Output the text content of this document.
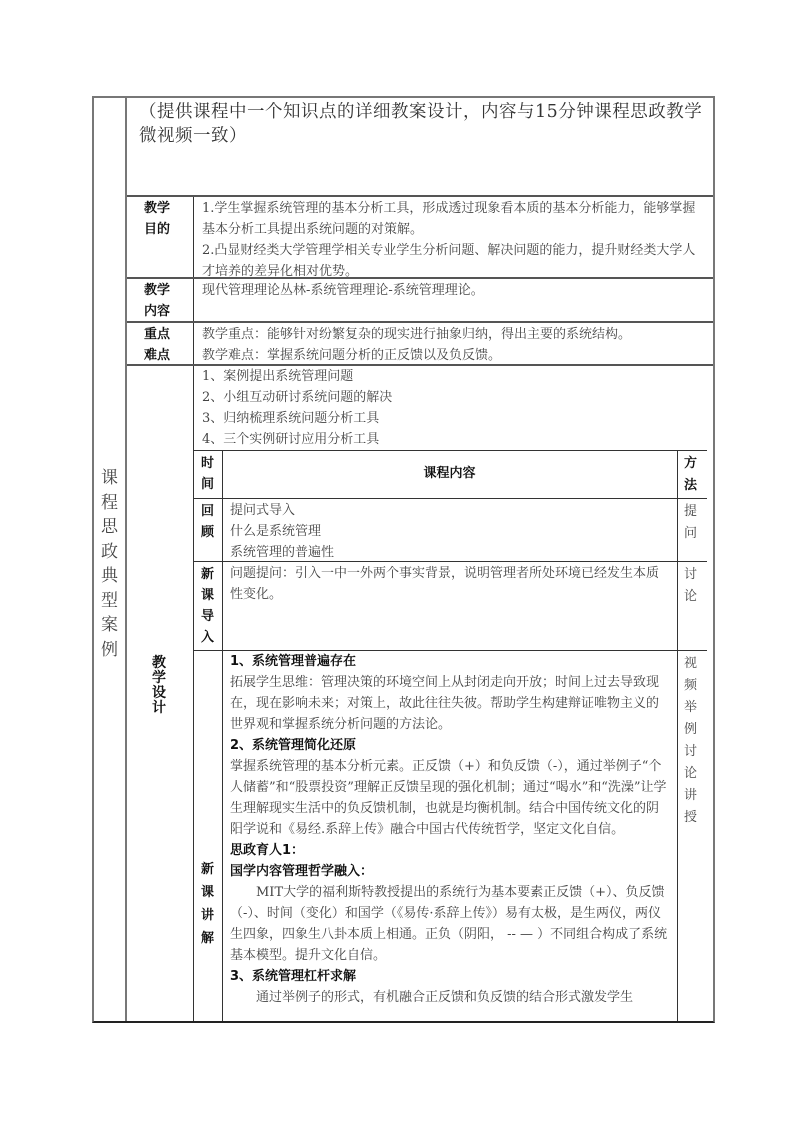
课
程
思
政
典
型
案
例
（提供课程中一个知识点的详细教案设计，内容与15分钟课程思政教学微视频一致）
教学
目的
1.学生掌握系统管理的基本分析工具，形成透过现象看本质的基本分析能力，能够掌握基本分析工具提出系统问题的对策解。
2.凸显财经类大学管理学相关专业学生分析问题、解决问题的能力，提升财经类大学人才培养的差异化相对优势。
教学
内容
现代管理理论丛林-系统管理理论-系统管理理论。
重点
难点
教学重点：能够针对纷繁复杂的现实进行抽象归纳，得出主要的系统结构。
教学难点：掌握系统问题分析的正反馈以及负反馈。
教
学
设
计
1、案例提出系统管理问题
2、小组互动研讨系统问题的解决
3、归纳梳理系统问题分析工具
4、三个实例研讨应用分析工具
时
间
课程内容
方
法
回
顾
提问式导入
什么是系统管理
系统管理的普遍性
提
问
新
课
导
入
问题提问：引入一中一外两个事实背景，说明管理者所处环境已经发生本质性变化。
讨
论
新
课
讲
解
1、系统管理普遍存在
拓展学生思维：管理决策的环境空间上从封闭走向开放；时间上过去导致现在，现在影响未来；对策上，故此往往失彼。帮助学生构建辩证唯物主义的世界观和掌握系统分析问题的方法论。
2、系统管理简化还原
掌握系统管理的基本分析元素。正反馈（+）和负反馈（-），通过举例子“个人储蓄”和“股票投资”理解正反馈呈现的强化机制；通过“喝水”和“洗澡”让学生理解现实生活中的负反馈机制，也就是均衡机制。结合中国传统文化的阴阳学说和《易经.系辞上传》融合中国古代传统哲学，坚定文化自信。
思政育人1：
国学内容管理哲学融入：
MIT大学的福利斯特教授提出的系统行为基本要素正反馈（+）、负反馈（-）、时间（变化）和国学（《易传·系辞上传》）易有太极，是生两仪，两仪生四象，四象生八卦本质上相通。正负（阴阳， -- — ）不同组合构成了系统基本模型。提升文化自信。
3、系统管理杠杆求解
通过举例子的形式，有机融合正反馈和负反馈的结合形式激发学生
视
频
举
例
讨
论
讲
授
